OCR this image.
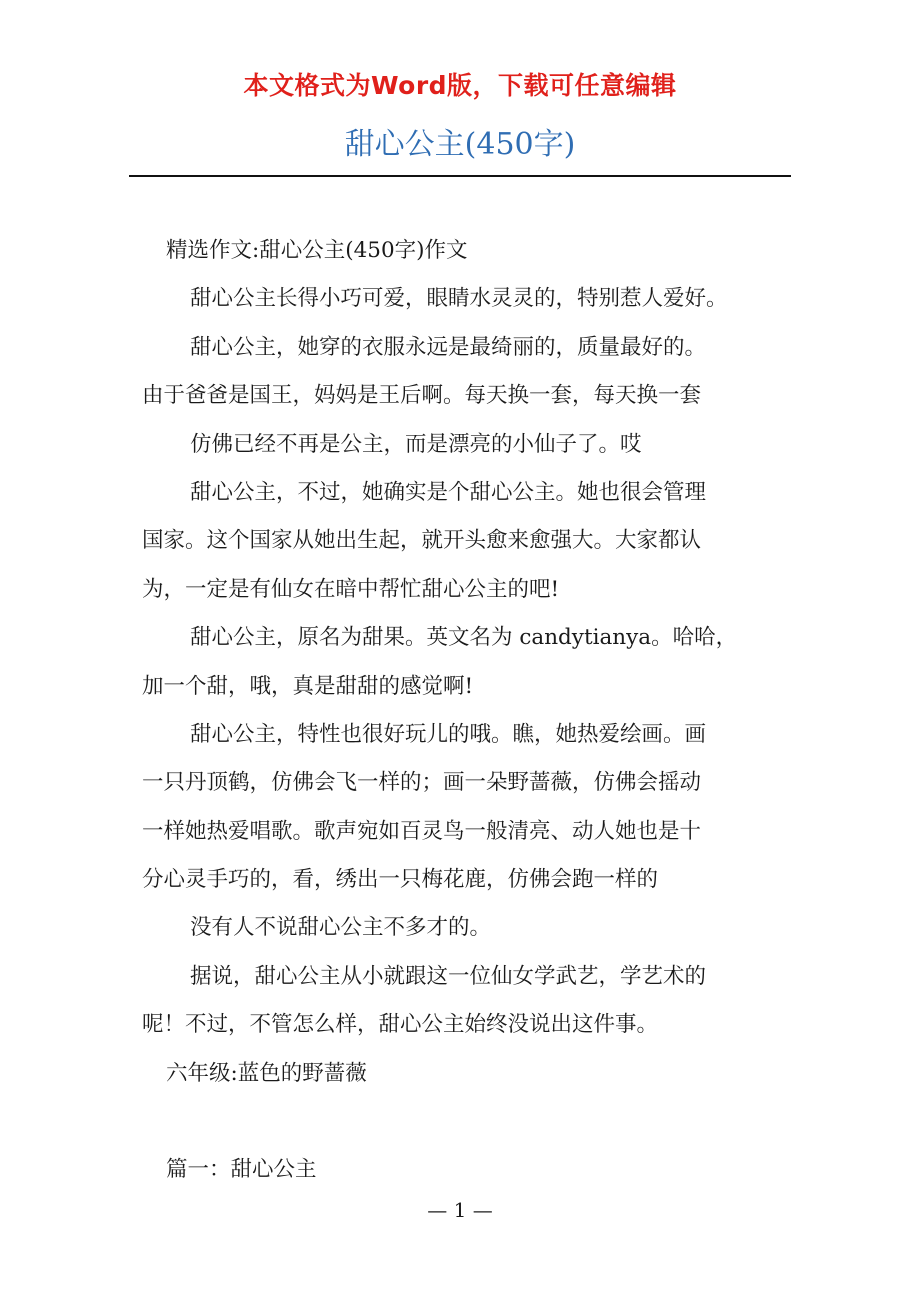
本文格式为Word版，下载可任意编辑
甜心公主(450字)
精选作文:甜心公主(450字)作文
甜心公主长得小巧可爱，眼睛水灵灵的，特别惹人爱好。
甜心公主，她穿的衣服永远是最绮丽的，质量最好的。
由于爸爸是国王，妈妈是王后啊。每天换一套，每天换一套
仿佛已经不再是公主，而是漂亮的小仙子了。哎
甜心公主，不过，她确实是个甜心公主。她也很会管理
国家。这个国家从她出生起，就开头愈来愈强大。大家都认
为，一定是有仙女在暗中帮忙甜心公主的吧!
甜心公主，原名为甜果。英文名为 candytianya。哈哈，
加一个甜，哦，真是甜甜的感觉啊!
甜心公主，特性也很好玩儿的哦。瞧，她热爱绘画。画
一只丹顶鹤，仿佛会飞一样的；画一朵野蔷薇，仿佛会摇动
一样她热爱唱歌。歌声宛如百灵鸟一般清亮、动人她也是十
分心灵手巧的，看，绣出一只梅花鹿，仿佛会跑一样的
没有人不说甜心公主不多才的。
据说，甜心公主从小就跟这一位仙女学武艺，学艺术的
呢！不过，不管怎么样，甜心公主始终没说出这件事。
六年级:蓝色的野蔷薇
篇一：甜心公主
— 1 —
